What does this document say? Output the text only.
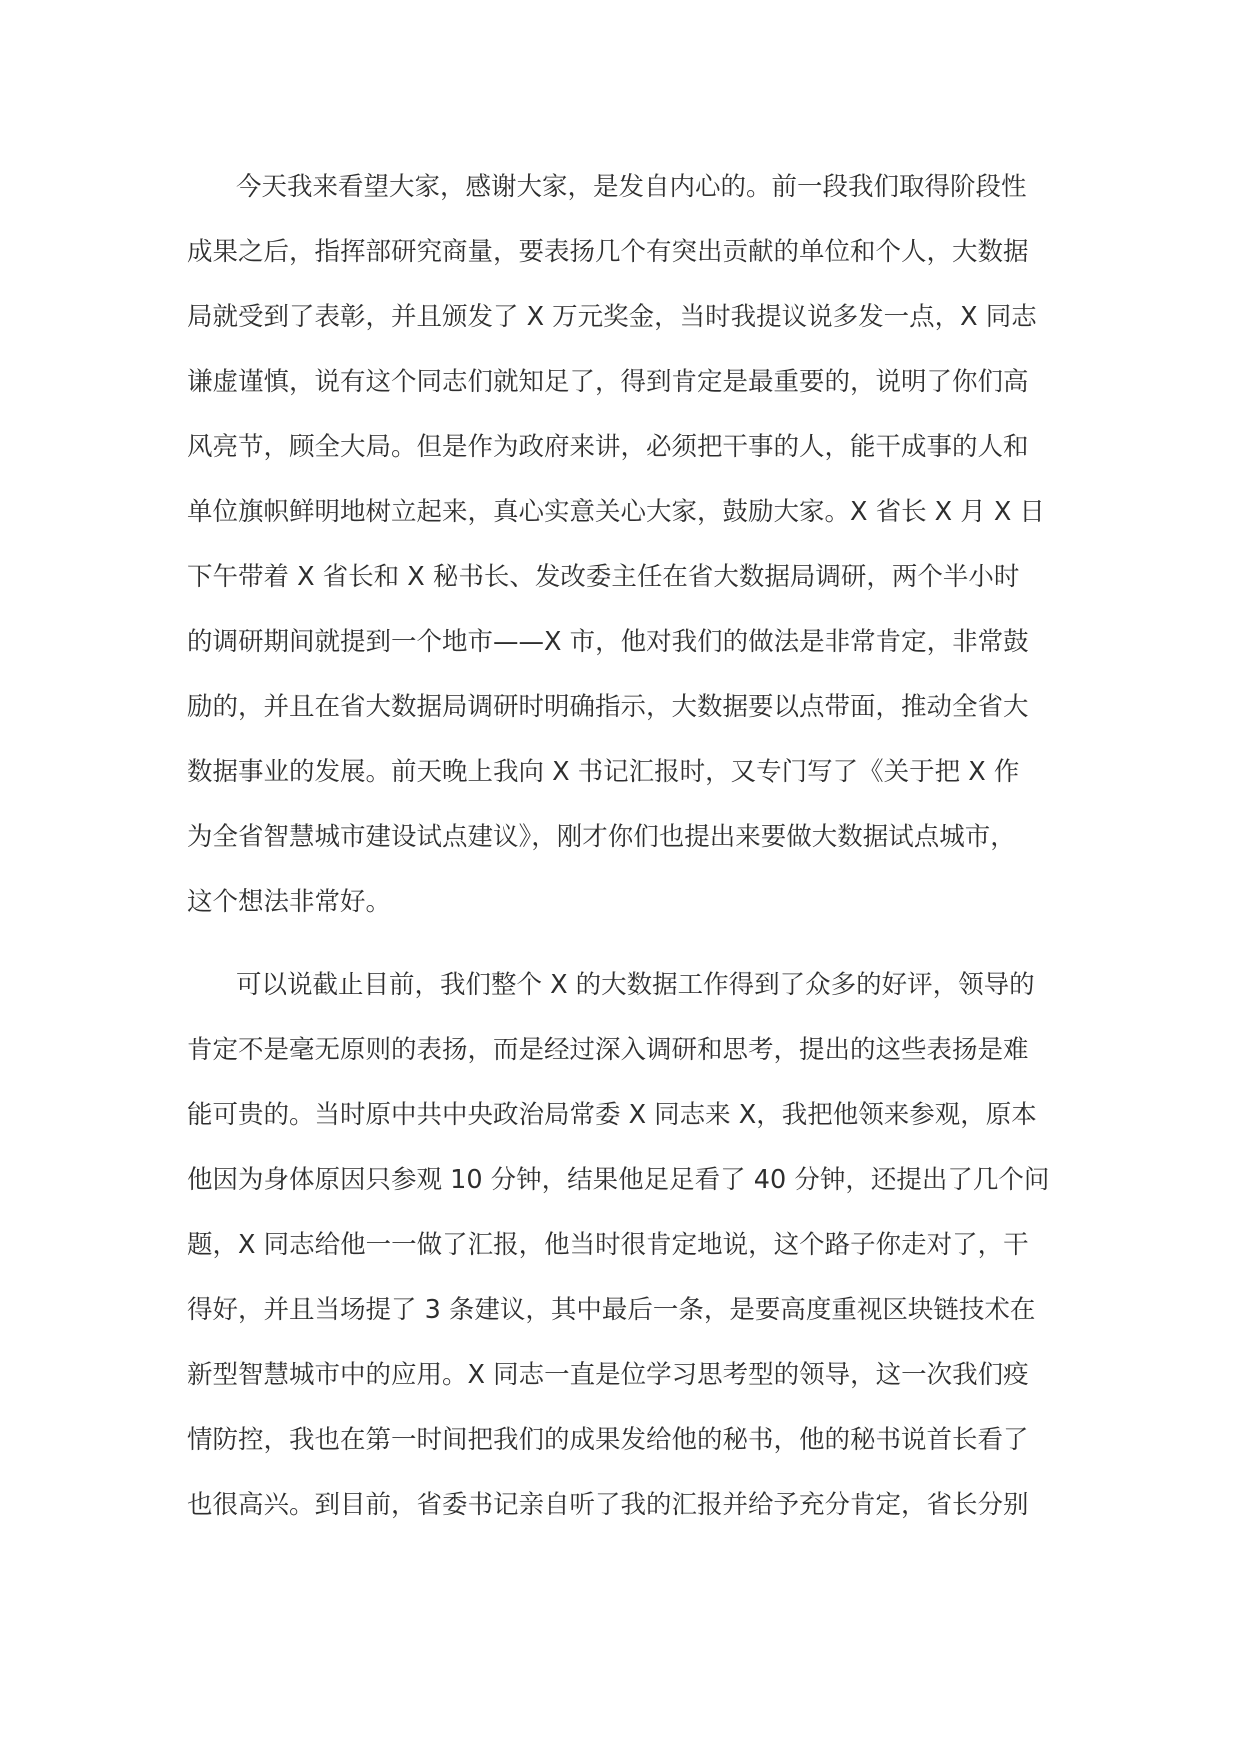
今天我来看望大家，感谢大家，是发自内心的。前一段我们取得阶段性
成果之后，指挥部研究商量，要表扬几个有突出贡献的单位和个人，大数据
局就受到了表彰，并且颁发了 X 万元奖金，当时我提议说多发一点，X 同志
谦虚谨慎，说有这个同志们就知足了，得到肯定是最重要的，说明了你们高
风亮节，顾全大局。但是作为政府来讲，必须把干事的人，能干成事的人和
单位旗帜鲜明地树立起来，真心实意关心大家，鼓励大家。X 省长 X 月 X 日
下午带着 X 省长和 X 秘书长、发改委主任在省大数据局调研，两个半小时
的调研期间就提到一个地市——X 市，他对我们的做法是非常肯定，非常鼓
励的，并且在省大数据局调研时明确指示，大数据要以点带面，推动全省大
数据事业的发展。前天晚上我向 X 书记汇报时，又专门写了《关于把 X 作
为全省智慧城市建设试点建议》，刚才你们也提出来要做大数据试点城市，
这个想法非常好。
可以说截止目前，我们整个 X 的大数据工作得到了众多的好评，领导的
肯定不是毫无原则的表扬，而是经过深入调研和思考，提出的这些表扬是难
能可贵的。当时原中共中央政治局常委 X 同志来 X，我把他领来参观，原本
他因为身体原因只参观 10 分钟，结果他足足看了 40 分钟，还提出了几个问
题，X 同志给他一一做了汇报，他当时很肯定地说，这个路子你走对了，干
得好，并且当场提了 3 条建议，其中最后一条，是要高度重视区块链技术在
新型智慧城市中的应用。X 同志一直是位学习思考型的领导，这一次我们疫
情防控，我也在第一时间把我们的成果发给他的秘书，他的秘书说首长看了
也很高兴。到目前，省委书记亲自听了我的汇报并给予充分肯定，省长分别
